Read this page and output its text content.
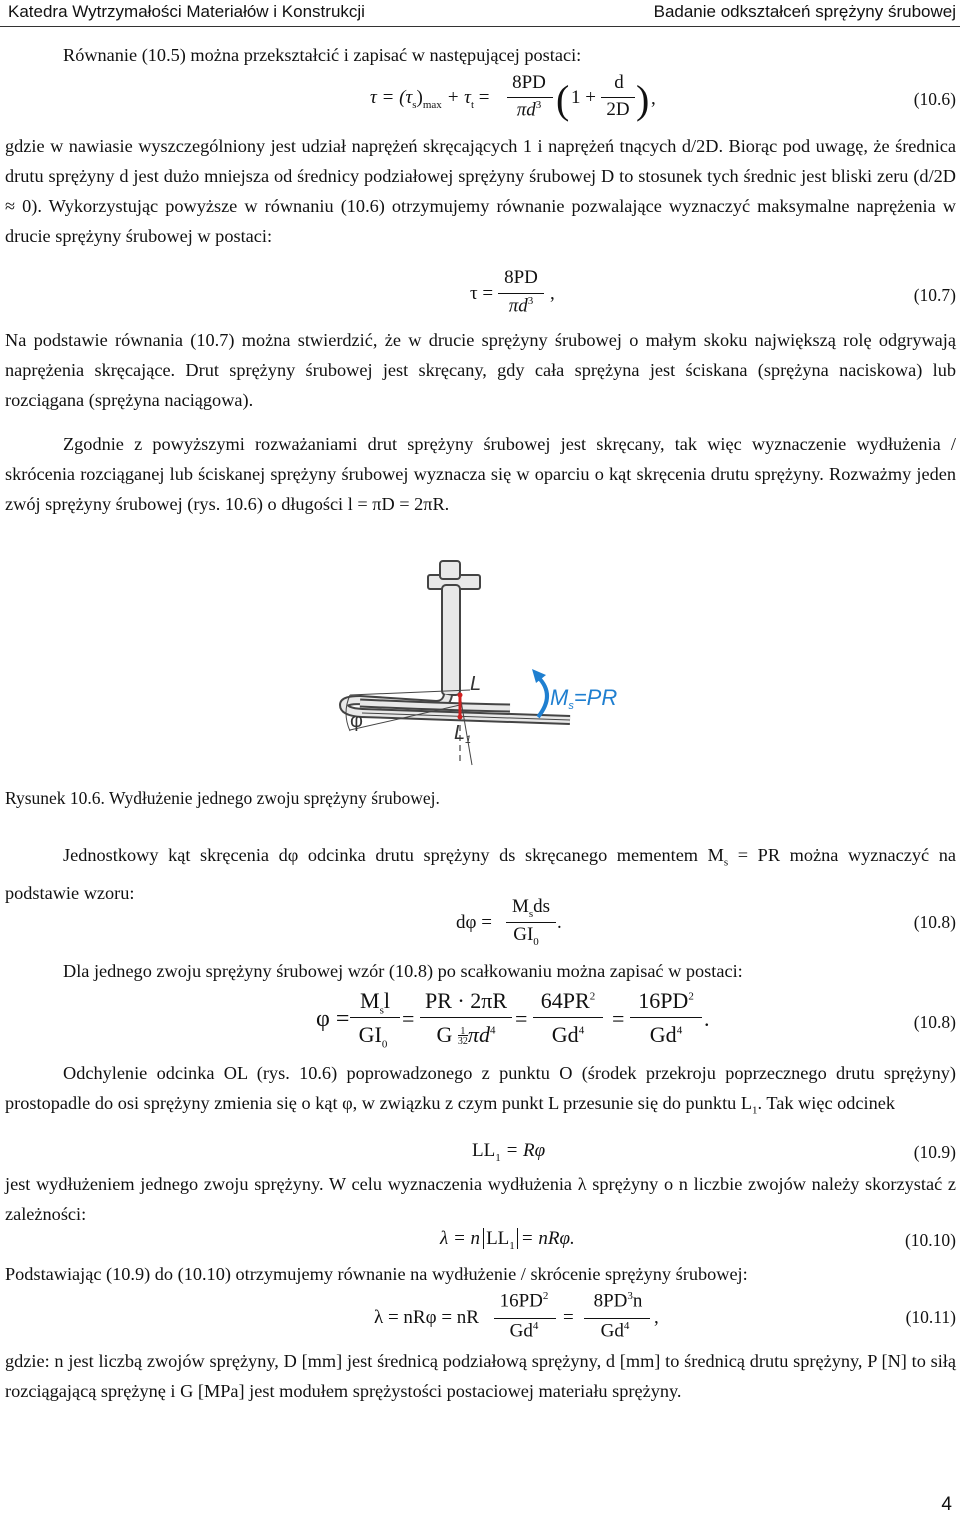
Katedra Wytrzymałości Materiałów i Konstrukcji	Badanie odkształceń sprężyny śrubowej

Równanie (10.5) można przekształcić i zapisać w następującej postaci:

$\tau = (\tau_s)_{max} + \tau_t$ =
8PD
$\pi d^3$ ( 1 +
d
2D ) ,	(10.6)

gdzie w nawiasie wyszczególniony jest udział naprężeń skręcających 1 i naprężeń tnących d/2D. Biorąc pod uwagę, że średnica drutu sprężyny d jest dużo mniejsza od średnicy podziałowej sprężyny śrubowej D to stosunek tych średnic jest bliski zeru (d/2D ≈ 0). Wykorzystując powyższe w równaniu (10.6) otrzymujemy równanie pozwalające wyznaczyć maksymalne naprężenia w drucie sprężyny śrubowej w postaci:

τ =
8PD
$\pi d^3$ ,	(10.7)

Na podstawie równania (10.7) można stwierdzić, że w drucie sprężyny śrubowej o małym skoku największą rolę odgrywają naprężenia skręcające. Drut sprężyny śrubowej jest skręcany, gdy cała sprężyna jest ściskana (sprężyna naciskowa) lub rozciągana (sprężyna naciągowa).

Zgodnie z powyższymi rozważaniami drut sprężyny śrubowej jest skręcany, tak więc wyznaczenie wydłużenia / skrócenia rozciąganej lub ściskanej sprężyny śrubowej wyznacza się w oparciu o kąt skręcenia drutu sprężyny. Rozważmy jeden zwój sprężyny śrubowej (rys. 10.6) o długości l = πD = 2πR.

φ
L
$L_1$
Ms=PR
Rysunek 10.6. Wydłużenie jednego zwoju sprężyny śrubowej.

Jednostkowy kąt skręcenia dφ odcinka drutu sprężyny ds skręcanego mementem $M_s$ = PR można wyznaczyć na podstawie wzoru:

dφ =
$M_sds$
$GI_0$
.	(10.8)

Dla jednego zwoju sprężyny śrubowej wzór (10.8) po scałkowaniu można zapisać w postaci:

φ =
$M_sl$
$GI_0$
=
PR · 2πR
G $\frac{1}{32}\pi d^4$ =
$64PR^2$
$Gd^4$	=
$16PD^2$
Gd$^4$ .	(10.8)

Odchylenie odcinka OL (rys. 10.6) poprowadzonego z punktu O (środek przekroju poprzecznego drutu sprężyny) prostopadle do osi sprężyny zmienia się o kąt φ, w związku z czym punkt L przesunie się do punktu $L_1$. Tak więc odcinek

$LL_1 = R\varphi$	(10.9)

jest wydłużeniem jednego zwoju sprężyny. W celu wyznaczenia wydłużenia λ sprężyny o n liczbie zwojów należy skorzystać z zależności:

λ = n $LL_1 = nR\varphi$.	(10.10)

Podstawiając (10.9) do (10.10) otrzymujemy równanie na wydłużenie / skrócenie sprężyny śrubowej:

λ = nRφ = nR
$16PD^2$
$Gd^4$	=
$8PD^3n$
Gd$^4$	,	(10.11)

gdzie: n jest liczbą zwojów sprężyny, D [mm] jest średnicą podziałową sprężyny, d [mm] to średnicą drutu sprężyny, P [N] to siłą rozciągającą sprężynę i G [MPa] jest modułem sprężystości postaciowej materiału sprężyny.

4
